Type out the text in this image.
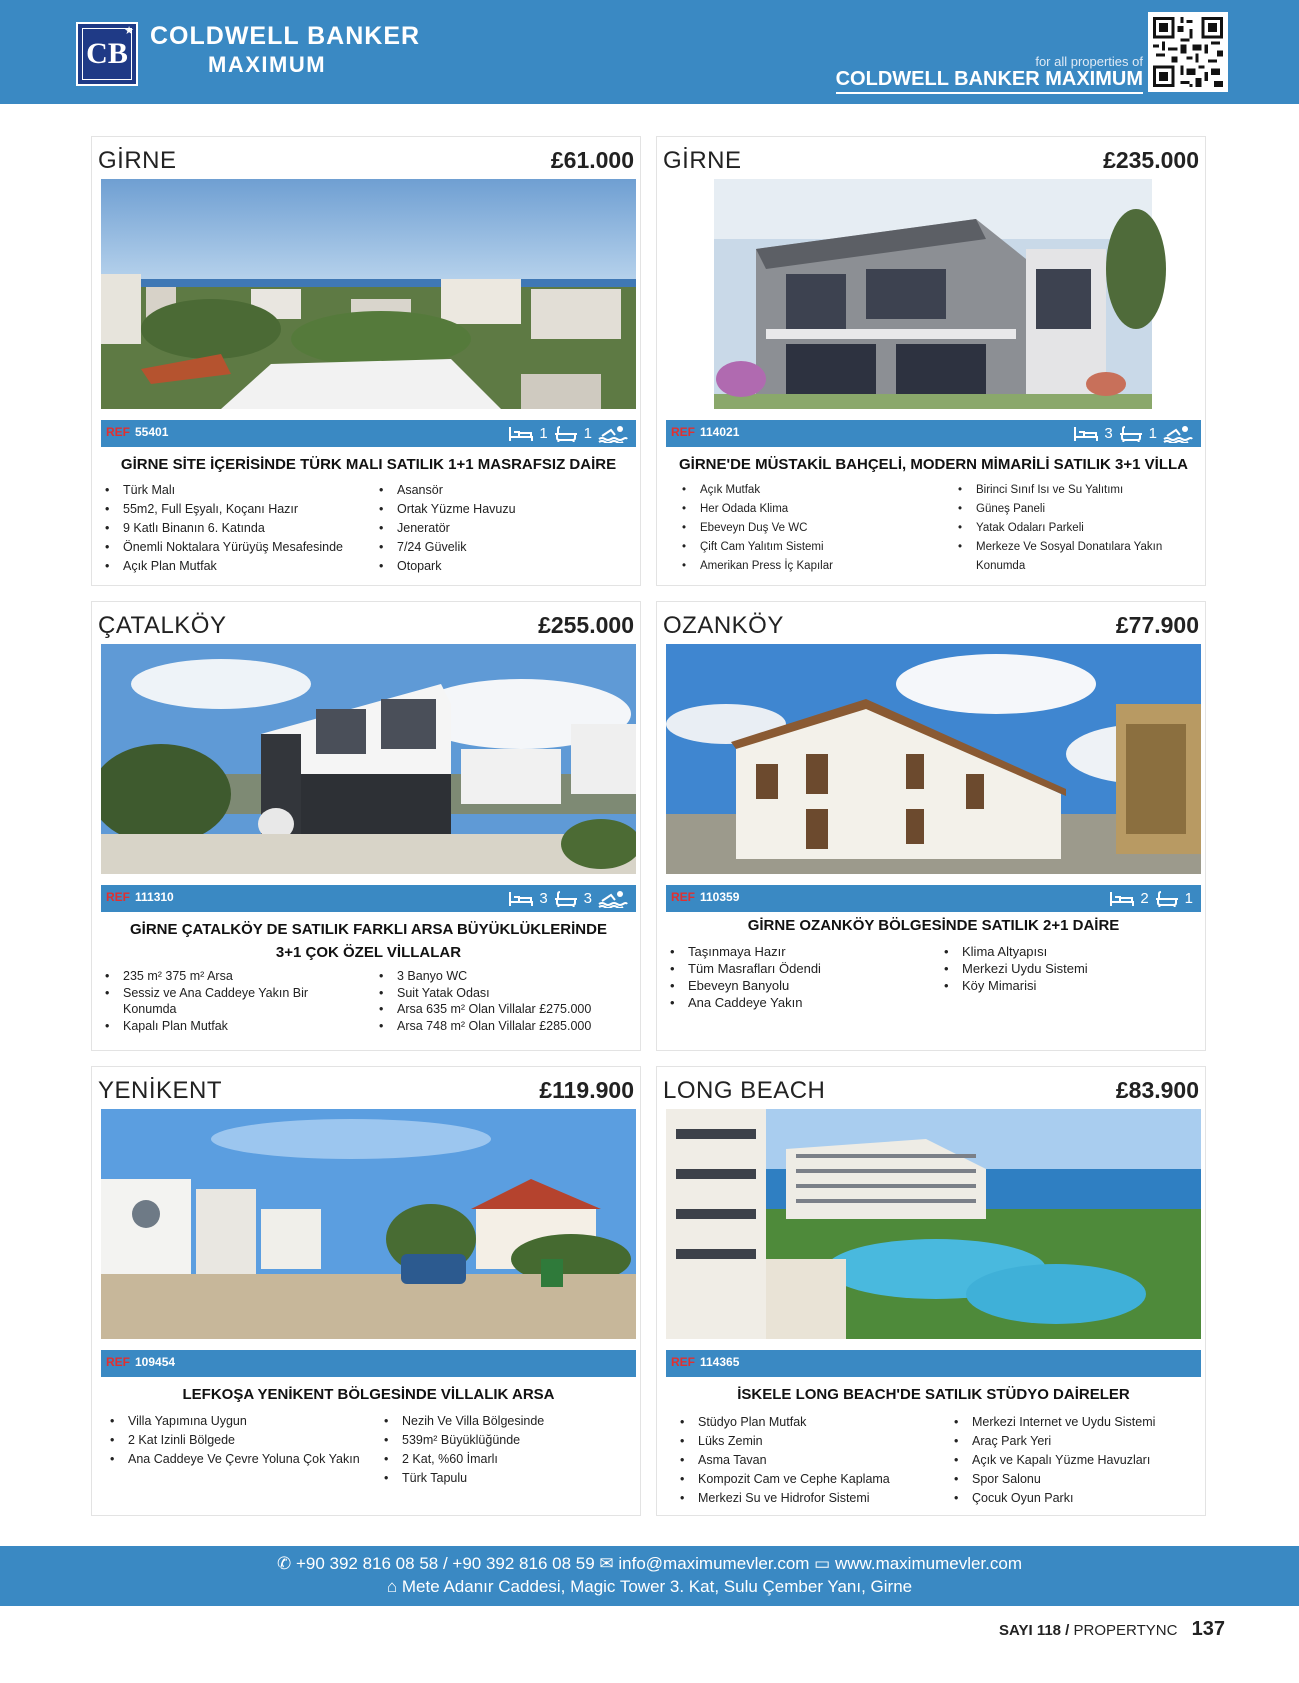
CB
★ COLDWELL BANKER
MAXIMUM	for all properties of
COLDWELL BANKER MAXIMUM
GİRNE	£61.000
REF 55401	1 1
GİRNE SİTE İÇERİSİNDE TÜRK MALI SATILIK 1+1 MASRAFSIZ DAİRE
• Türk Malı
• 55m2, Full Eşyalı, Koçanı Hazır
• 9 Katlı Binanın 6. Katında
• Önemli Noktalara Yürüyüş Mesafesinde
• Açık Plan Mutfak
• Asansör
• Ortak Yüzme Havuzu
• Jeneratör
• 7/24 Güvelik
• Otopark
GİRNE	£235.000
REF 114021	3 1
GİRNE'DE MÜSTAKİL BAHÇELİ, MODERN MİMARİLİ SATILIK 3+1 VİLLA
• Açık Mutfak
• Her Odada Klima
• Ebeveyn Duş Ve WC
• Çift Cam Yalıtım Sistemi
• Amerikan Press İç Kapılar
• Birinci Sınıf Isı ve Su Yalıtımı
• Güneş Paneli
• Yatak Odaları Parkeli
• Merkeze Ve Sosyal Donatılara Yakın Konumda
ÇATALKÖY	£255.000
REF 111310	3 3
GİRNE ÇATALKÖY DE SATILIK FARKLI ARSA BÜYÜKLÜKLERİNDE
3+1 ÇOK ÖZEL VİLLALAR
• 235 m² 375 m² Arsa
• Sessiz ve Ana Caddeye Yakın Bir Konumda
• Kapalı Plan Mutfak
• 3 Banyo WC
• Suit Yatak Odası
• Arsa 635 m² Olan Villalar £275.000
• Arsa 748 m² Olan Villalar £285.000
OZANKÖY	£77.900
REF 110359	2 1
GİRNE OZANKÖY BÖLGESİNDE SATILIK 2+1 DAİRE
• Taşınmaya Hazır
• Tüm Masrafları Ödendi
• Ebeveyn Banyolu
• Ana Caddeye Yakın
• Klima Altyapısı
• Merkezi Uydu Sistemi
• Köy Mimarisi
YENİKENT	£119.900
REF 109454
LEFKOŞA YENİKENT BÖLGESİNDE VİLLALIK ARSA
• Villa Yapımına Uygun
• 2 Kat Izinli Bölgede
• Ana Caddeye Ve Çevre Yoluna Çok Yakın
• Nezih Ve Villa Bölgesinde
• 539m² Büyüklüğünde
• 2 Kat, %60 İmarlı
• Türk Tapulu
LONG BEACH	£83.900
REF 114365
İSKELE LONG BEACH'DE SATILIK STÜDYO DAİRELER
• Stüdyo Plan Mutfak
• Lüks Zemin
• Asma Tavan
• Kompozit Cam ve Cephe Kaplama
• Merkezi Su ve Hidrofor Sistemi
• Merkezi Internet ve Uydu Sistemi
• Araç Park Yeri
• Açık ve Kapalı Yüzme Havuzları
• Spor Salonu
• Çocuk Oyun Parkı
✆ +90 392 816 08 58 / +90 392 816 08 59 ✉ info@maximumevler.com ▭ www.maximumevler.com
⌂ Mete Adanır Caddesi, Magic Tower 3. Kat, Sulu Çember Yanı, Girne
SAYI 118 / PROPERTYNC 137
